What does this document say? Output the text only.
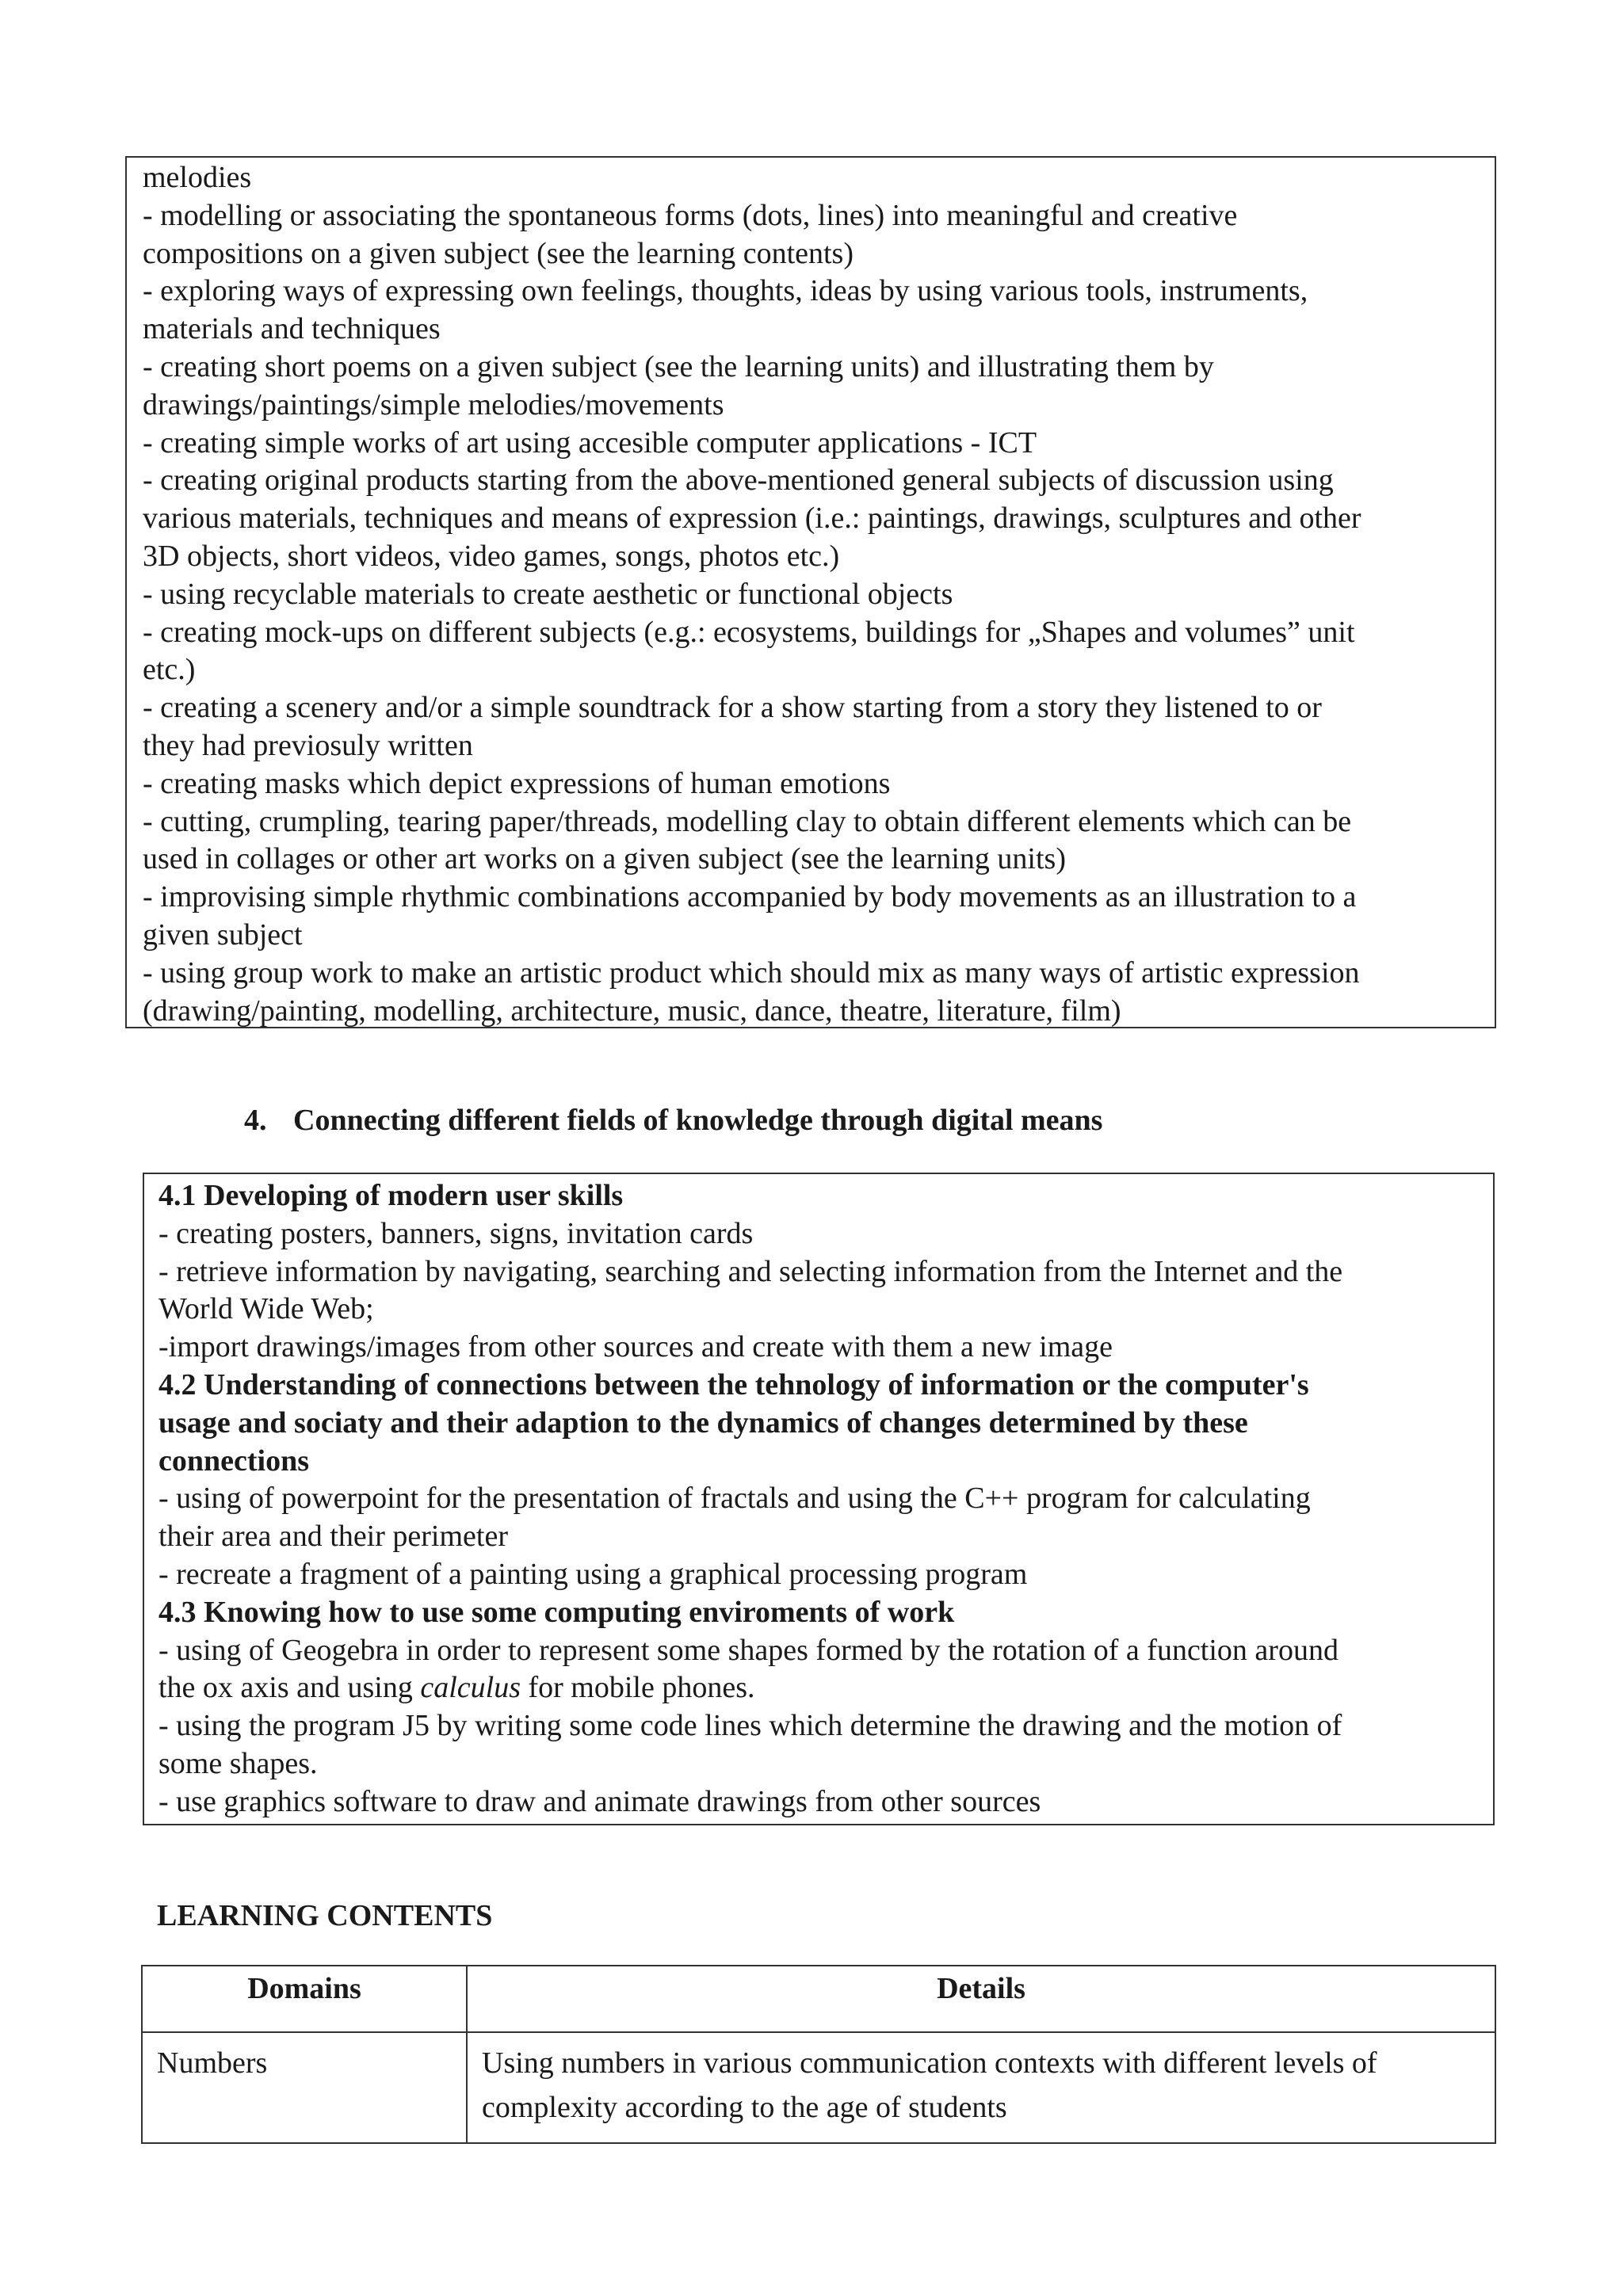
melodies
- modelling or associating the spontaneous forms (dots, lines) into meaningful and creative
compositions on a given subject (see the learning contents)
- exploring ways of expressing own feelings, thoughts, ideas by using various tools, instruments,
materials and techniques
- creating short poems on a given subject (see the learning units) and illustrating them by
drawings/paintings/simple melodies/movements
- creating simple works of art using accesible computer applications - ICT
- creating original products starting from the above-mentioned general subjects of discussion using
various materials, techniques and means of expression (i.e.: paintings, drawings, sculptures and other
3D objects, short videos, video games, songs, photos etc.)
- using recyclable materials to create aesthetic or functional objects
- creating mock-ups on different subjects (e.g.: ecosystems, buildings for „Shapes and volumes” unit
etc.)
- creating a scenery and/or a simple soundtrack for a show starting from a story they listened to or
they had previosuly written
- creating masks which depict expressions of human emotions
- cutting, crumpling, tearing paper/threads, modelling clay to obtain different elements which can be
used in collages or other art works on a given subject (see the learning units)
- improvising simple rhythmic combinations accompanied by body movements as an illustration to a
given subject
- using group work to make an artistic product which should mix as many ways of artistic expression
(drawing/painting, modelling, architecture, music, dance, theatre, literature, film)
4. Connecting different fields of knowledge through digital means
4.1 Developing of modern user skills
- creating posters, banners, signs, invitation cards
- retrieve information by navigating, searching and selecting information from the Internet and the
World Wide Web;
-import drawings/images from other sources and create with them a new image
4.2 Understanding of connections between the tehnology of information or the computer's
usage and sociaty and their adaption to the dynamics of changes determined by these
connections
- using of powerpoint for the presentation of fractals and using the C++ program for calculating
their area and their perimeter
- recreate a fragment of a painting using a graphical processing program
4.3 Knowing how to use some computing enviroments of work
- using of Geogebra in order to represent some shapes formed by the rotation of a function around
the ox axis and using calculus for mobile phones.
- using the program J5 by writing some code lines which determine the drawing and the motion of
some shapes.
- use graphics software to draw and animate drawings from other sources
LEARNING CONTENTS
Domains	Details
Numbers	Using numbers in various communication contexts with different levels of
complexity according to the age of students
